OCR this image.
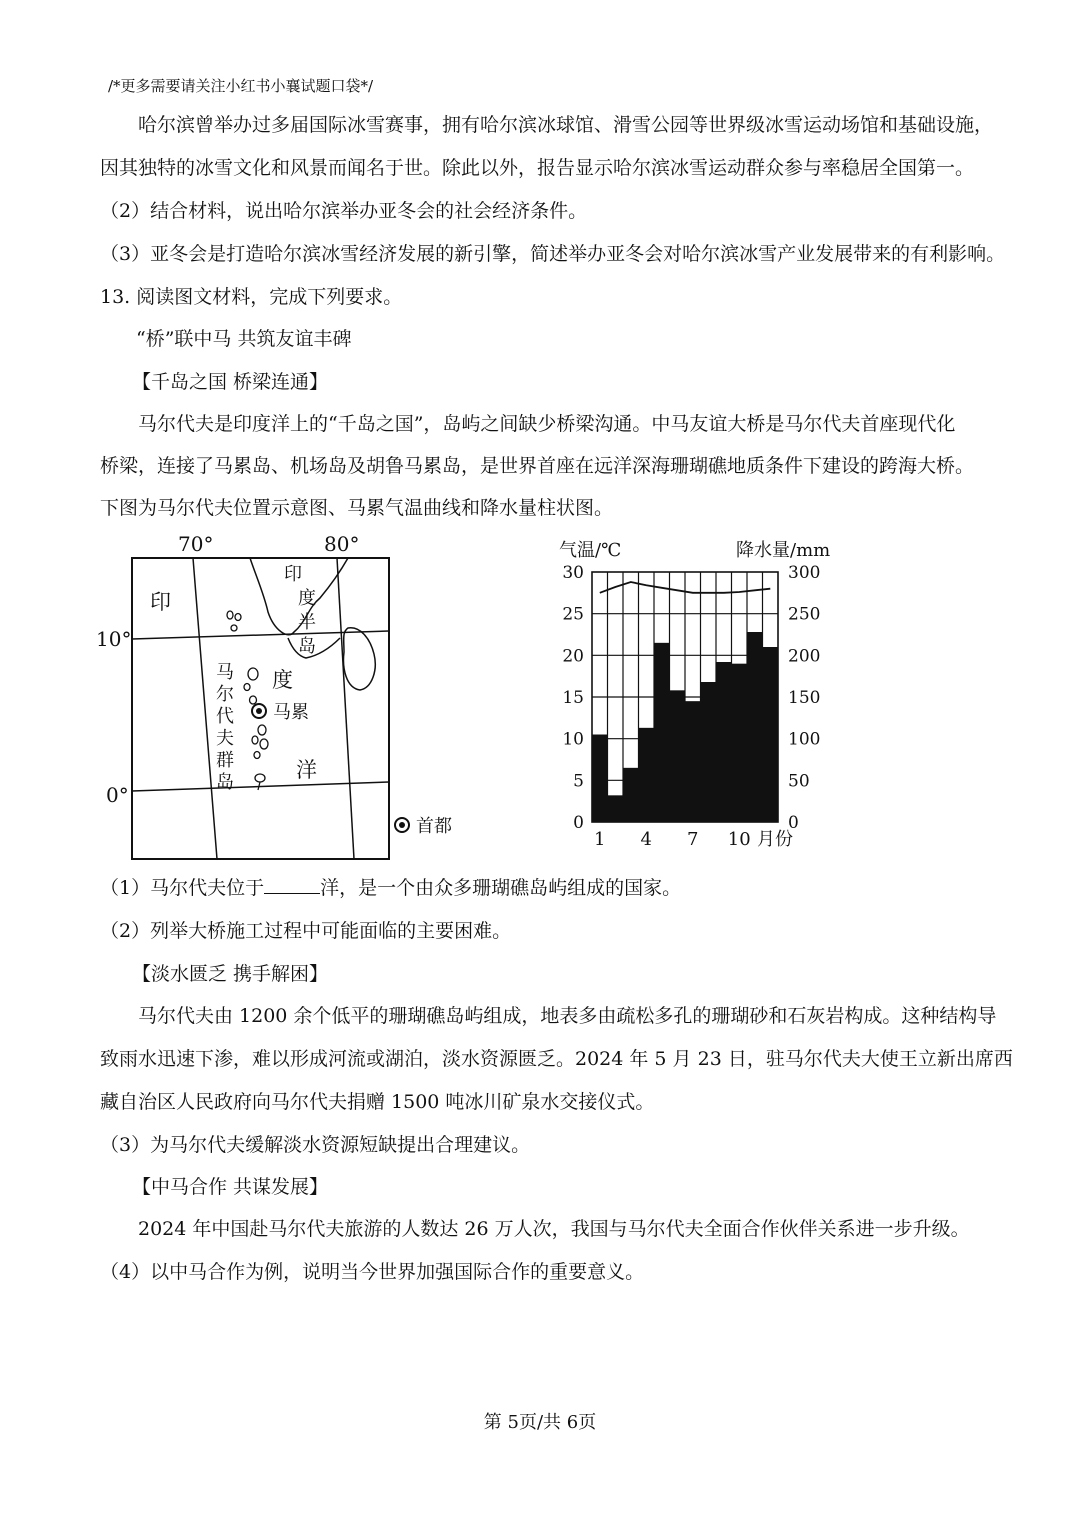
/*更多需要请关注小红书小襄试题口袋*/
哈尔滨曾举办过多届国际冰雪赛事，拥有哈尔滨冰球馆、滑雪公园等世界级冰雪运动场馆和基础设施，
因其独特的冰雪文化和风景而闻名于世。除此以外，报告显示哈尔滨冰雪运动群众参与率稳居全国第一。
（2）结合材料，说出哈尔滨举办亚冬会的社会经济条件。
（3）亚冬会是打造哈尔滨冰雪经济发展的新引擎，简述举办亚冬会对哈尔滨冰雪产业发展带来的有利影响。
13. 阅读图文材料，完成下列要求。
“桥”联中马 共筑友谊丰碑
【千岛之国 桥梁连通】
马尔代夫是印度洋上的“千岛之国”，岛屿之间缺少桥梁沟通。中马友谊大桥是马尔代夫首座现代化
桥梁，连接了马累岛、机场岛及胡鲁马累岛，是世界首座在远洋深海珊瑚礁地质条件下建设的跨海大桥。
下图为马尔代夫位置示意图、马累气温曲线和降水量柱状图。
70°	80°
10°
0°
印
度
半
岛
印
度
洋
马累
马
尔
代
夫
群
岛
首都
气温/℃	降水量/mm
0
5
10
15
20
25
30
0
50
100
150
200
250
300
1 4 7 10 月份
（1）马尔代夫位于	洋，是一个由众多珊瑚礁岛屿组成的国家。
（2）列举大桥施工过程中可能面临的主要困难。
【淡水匮乏 携手解困】
马尔代夫由 1200 余个低平的珊瑚礁岛屿组成，地表多由疏松多孔的珊瑚砂和石灰岩构成。这种结构导
致雨水迅速下渗，难以形成河流或湖泊，淡水资源匮乏。2024 年 5 月 23 日，驻马尔代夫大使王立新出席西
藏自治区人民政府向马尔代夫捐赠 1500 吨冰川矿泉水交接仪式。
（3）为马尔代夫缓解淡水资源短缺提出合理建议。
【中马合作 共谋发展】
2024 年中国赴马尔代夫旅游的人数达 26 万人次，我国与马尔代夫全面合作伙伴关系进一步升级。
（4）以中马合作为例，说明当今世界加强国际合作的重要意义。
第 5页/共 6页
